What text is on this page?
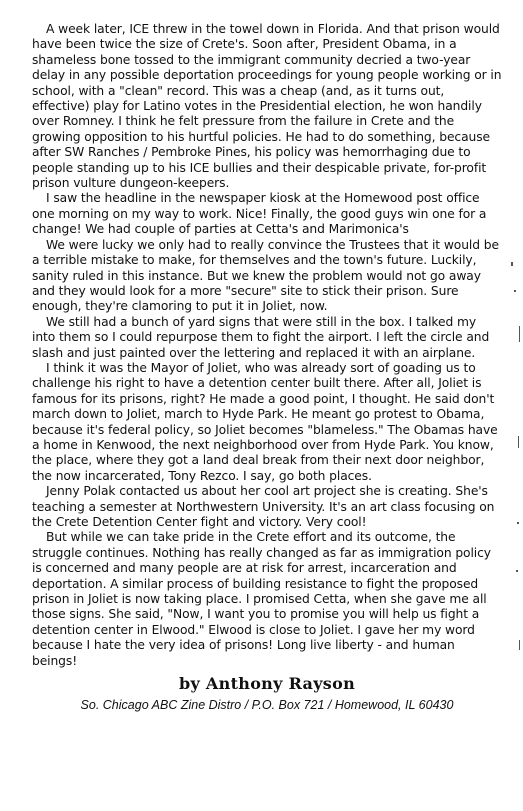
A week later, ICE threw in the towel down in Florida. And that prison would have been twice the size of Crete's. Soon after, President Obama, in a shameless bone tossed to the immigrant community decried a two-year delay in any possible deportation proceedings for young people working or in school, with a "clean" record. This was a cheap (and, as it turns out, effective) play for Latino votes in the Presidential election, he won handily over Romney. I think he felt pressure from the failure in Crete and the growing opposition to his hurtful policies. He had to do something, because after SW Ranches / Pembroke Pines, his policy was hemorrhaging due to people standing up to his ICE bullies and their despicable private, for-profit prison vulture dungeon-keepers.

I saw the headline in the newspaper kiosk at the Homewood post office one morning on my way to work. Nice! Finally, the good guys win one for a change! We had couple of parties at Cetta's and Marimonica's

We were lucky we only had to really convince the Trustees that it would be a terrible mistake to make, for themselves and the town's future. Luckily, sanity ruled in this instance. But we knew the problem would not go away and they would look for a more "secure" site to stick their prison. Sure enough, they're clamoring to put it in Joliet, now.

We still had a bunch of yard signs that were still in the box. I talked my into them so I could repurpose them to fight the airport. I left the circle and slash and just painted over the lettering and replaced it with an airplane.

I think it was the Mayor of Joliet, who was already sort of goading us to challenge his right to have a detention center built there. After all, Joliet is famous for its prisons, right? He made a good point, I thought. He said don't march down to Joliet, march to Hyde Park. He meant go protest to Obama, because it's federal policy, so Joliet becomes "blameless." The Obamas have a home in Kenwood, the next neighborhood over from Hyde Park. You know, the place, where they got a land deal break from their next door neighbor, the now incarcerated, Tony Rezco. I say, go both places.

Jenny Polak contacted us about her cool art project she is creating. She's teaching a semester at Northwestern University. It's an art class focusing on the Crete Detention Center fight and victory. Very cool!

But while we can take pride in the Crete effort and its outcome, the struggle continues. Nothing has really changed as far as immigration policy is concerned and many people are at risk for arrest, incarceration and deportation. A similar process of building resistance to fight the proposed prison in Joliet is now taking place. I promised Cetta, when she gave me all those signs. She said, "Now, I want you to promise you will help us fight a detention center in Elwood." Elwood is close to Joliet. I gave her my word because I hate the very idea of prisons! Long live liberty - and human beings!

by Anthony Rayson
So. Chicago ABC Zine Distro / P.O. Box 721 / Homewood, IL 60430
